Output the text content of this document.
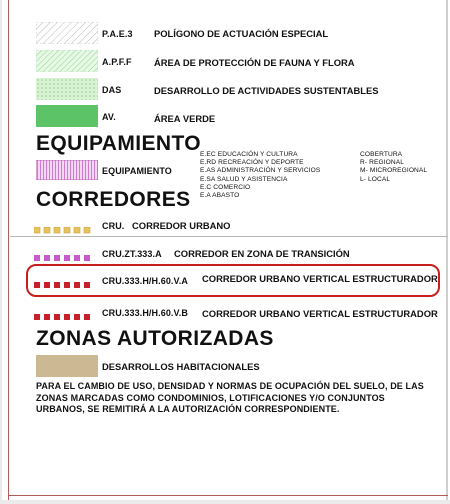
P.A.E.3 POLÍGONO DE ACTUACIÓN ESPECIAL
A.P.F.F ÁREA DE PROTECCIÓN DE FAUNA Y FLORA
DAS	DESARROLLO DE ACTIVIDADES SUSTENTABLES
AV.	ÁREA VERDE
EQUIPAMIENTO
EQUIPAMIENTO
E.EC EDUCACIÓN Y CULTURA
E.RD RECREACIÓN Y DEPORTE
E.AS ADMINISTRACIÓN Y SERVICIOS
E.SA SALUD Y ASISTENCIA
E.C COMERCIO
E.A ABASTO
COBERTURA
R- REGIONAL
M- MICROREGIONAL
L- LOCAL
CORREDORES
CRU. CORREDOR URBANO
CRU.ZT.333.A CORREDOR EN ZONA DE TRANSICIÓN
CRU.333.H/H.60.V.A CORREDOR URBANO VERTICAL ESTRUCTURADOR
CRU.333.H/H.60.V.B CORREDOR URBANO VERTICAL ESTRUCTURADOR
ZONAS AUTORIZADAS
DESARROLLOS HABITACIONALES
PARA EL CAMBIO DE USO, DENSIDAD Y NORMAS DE OCUPACIÓN DEL SUELO, DE LAS
ZONAS MARCADAS COMO CONDOMINIOS, LOTIFICACIONES Y/O CONJUNTOS
URBANOS, SE REMITIRÁ A LA AUTORIZACIÓN CORRESPONDIENTE.
